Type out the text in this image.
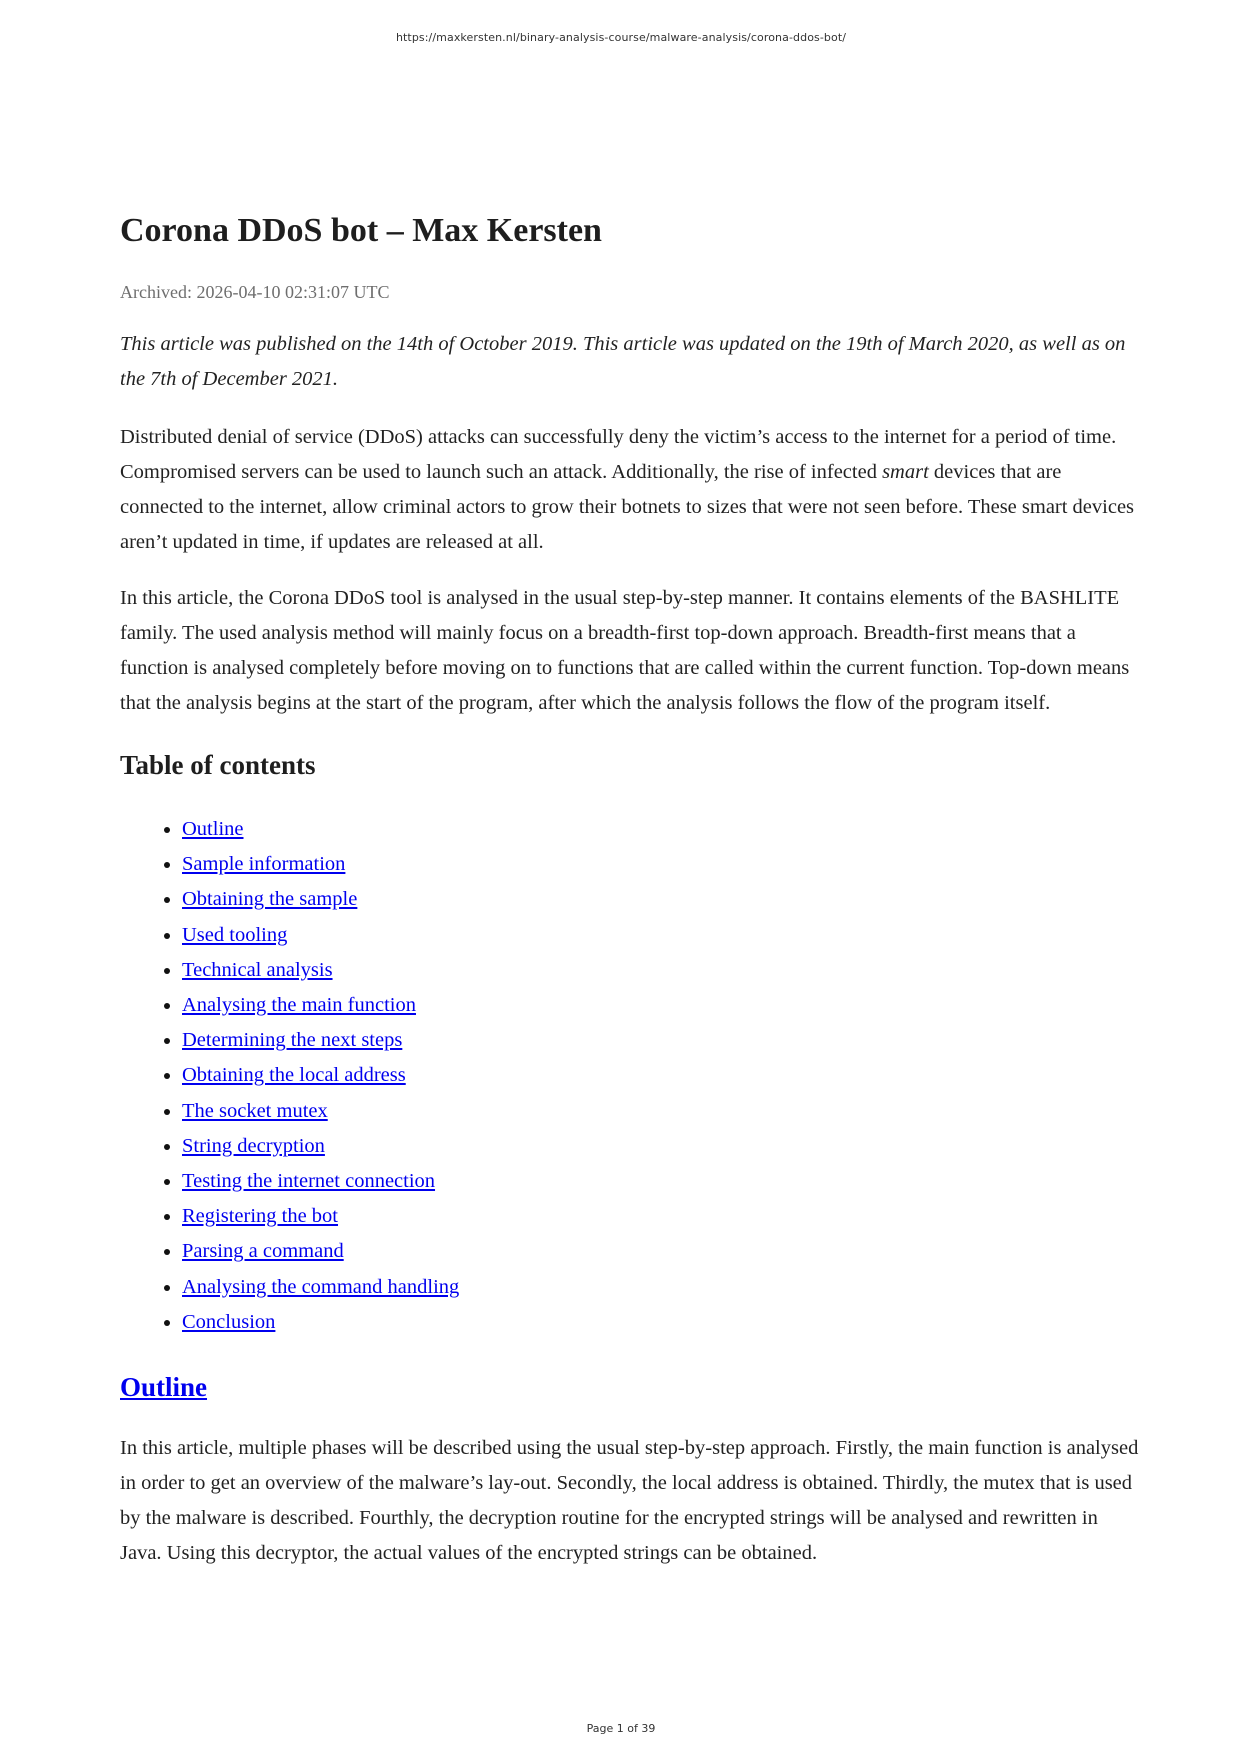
https://maxkersten.nl/binary-analysis-course/malware-analysis/corona-ddos-bot/
Corona DDoS bot – Max Kersten
Archived: 2026-04-10 02:31:07 UTC

This article was published on the 14th of October 2019. This article was updated on the 19th of March 2020, as well as on the 7th of December 2021.

Distributed denial of service (DDoS) attacks can successfully deny the victim’s access to the internet for a period of time. Compromised servers can be used to launch such an attack. Additionally, the rise of infected smart devices that are connected to the internet, allow criminal actors to grow their botnets to sizes that were not seen before. These smart devices aren’t updated in time, if updates are released at all.

In this article, the Corona DDoS tool is analysed in the usual step-by-step manner. It contains elements of the BASHLITE family. The used analysis method will mainly focus on a breadth-first top-down approach. Breadth-first means that a function is analysed completely before moving on to functions that are called within the current function. Top-down means that the analysis begins at the start of the program, after which the analysis follows the flow of the program itself.

Table of contents
• Outline
• Sample information
• Obtaining the sample
• Used tooling
• Technical analysis
• Analysing the main function
• Determining the next steps
• Obtaining the local address
• The socket mutex
• String decryption
• Testing the internet connection
• Registering the bot
• Parsing a command
• Analysing the command handling
• Conclusion
Outline

In this article, multiple phases will be described using the usual step-by-step approach. Firstly, the main function is analysed in order to get an overview of the malware’s lay-out. Secondly, the local address is obtained. Thirdly, the mutex that is used by the malware is described. Fourthly, the decryption routine for the encrypted strings will be analysed and rewritten in Java. Using this decryptor, the actual values of the encrypted strings can be obtained.

Page 1 of 39
